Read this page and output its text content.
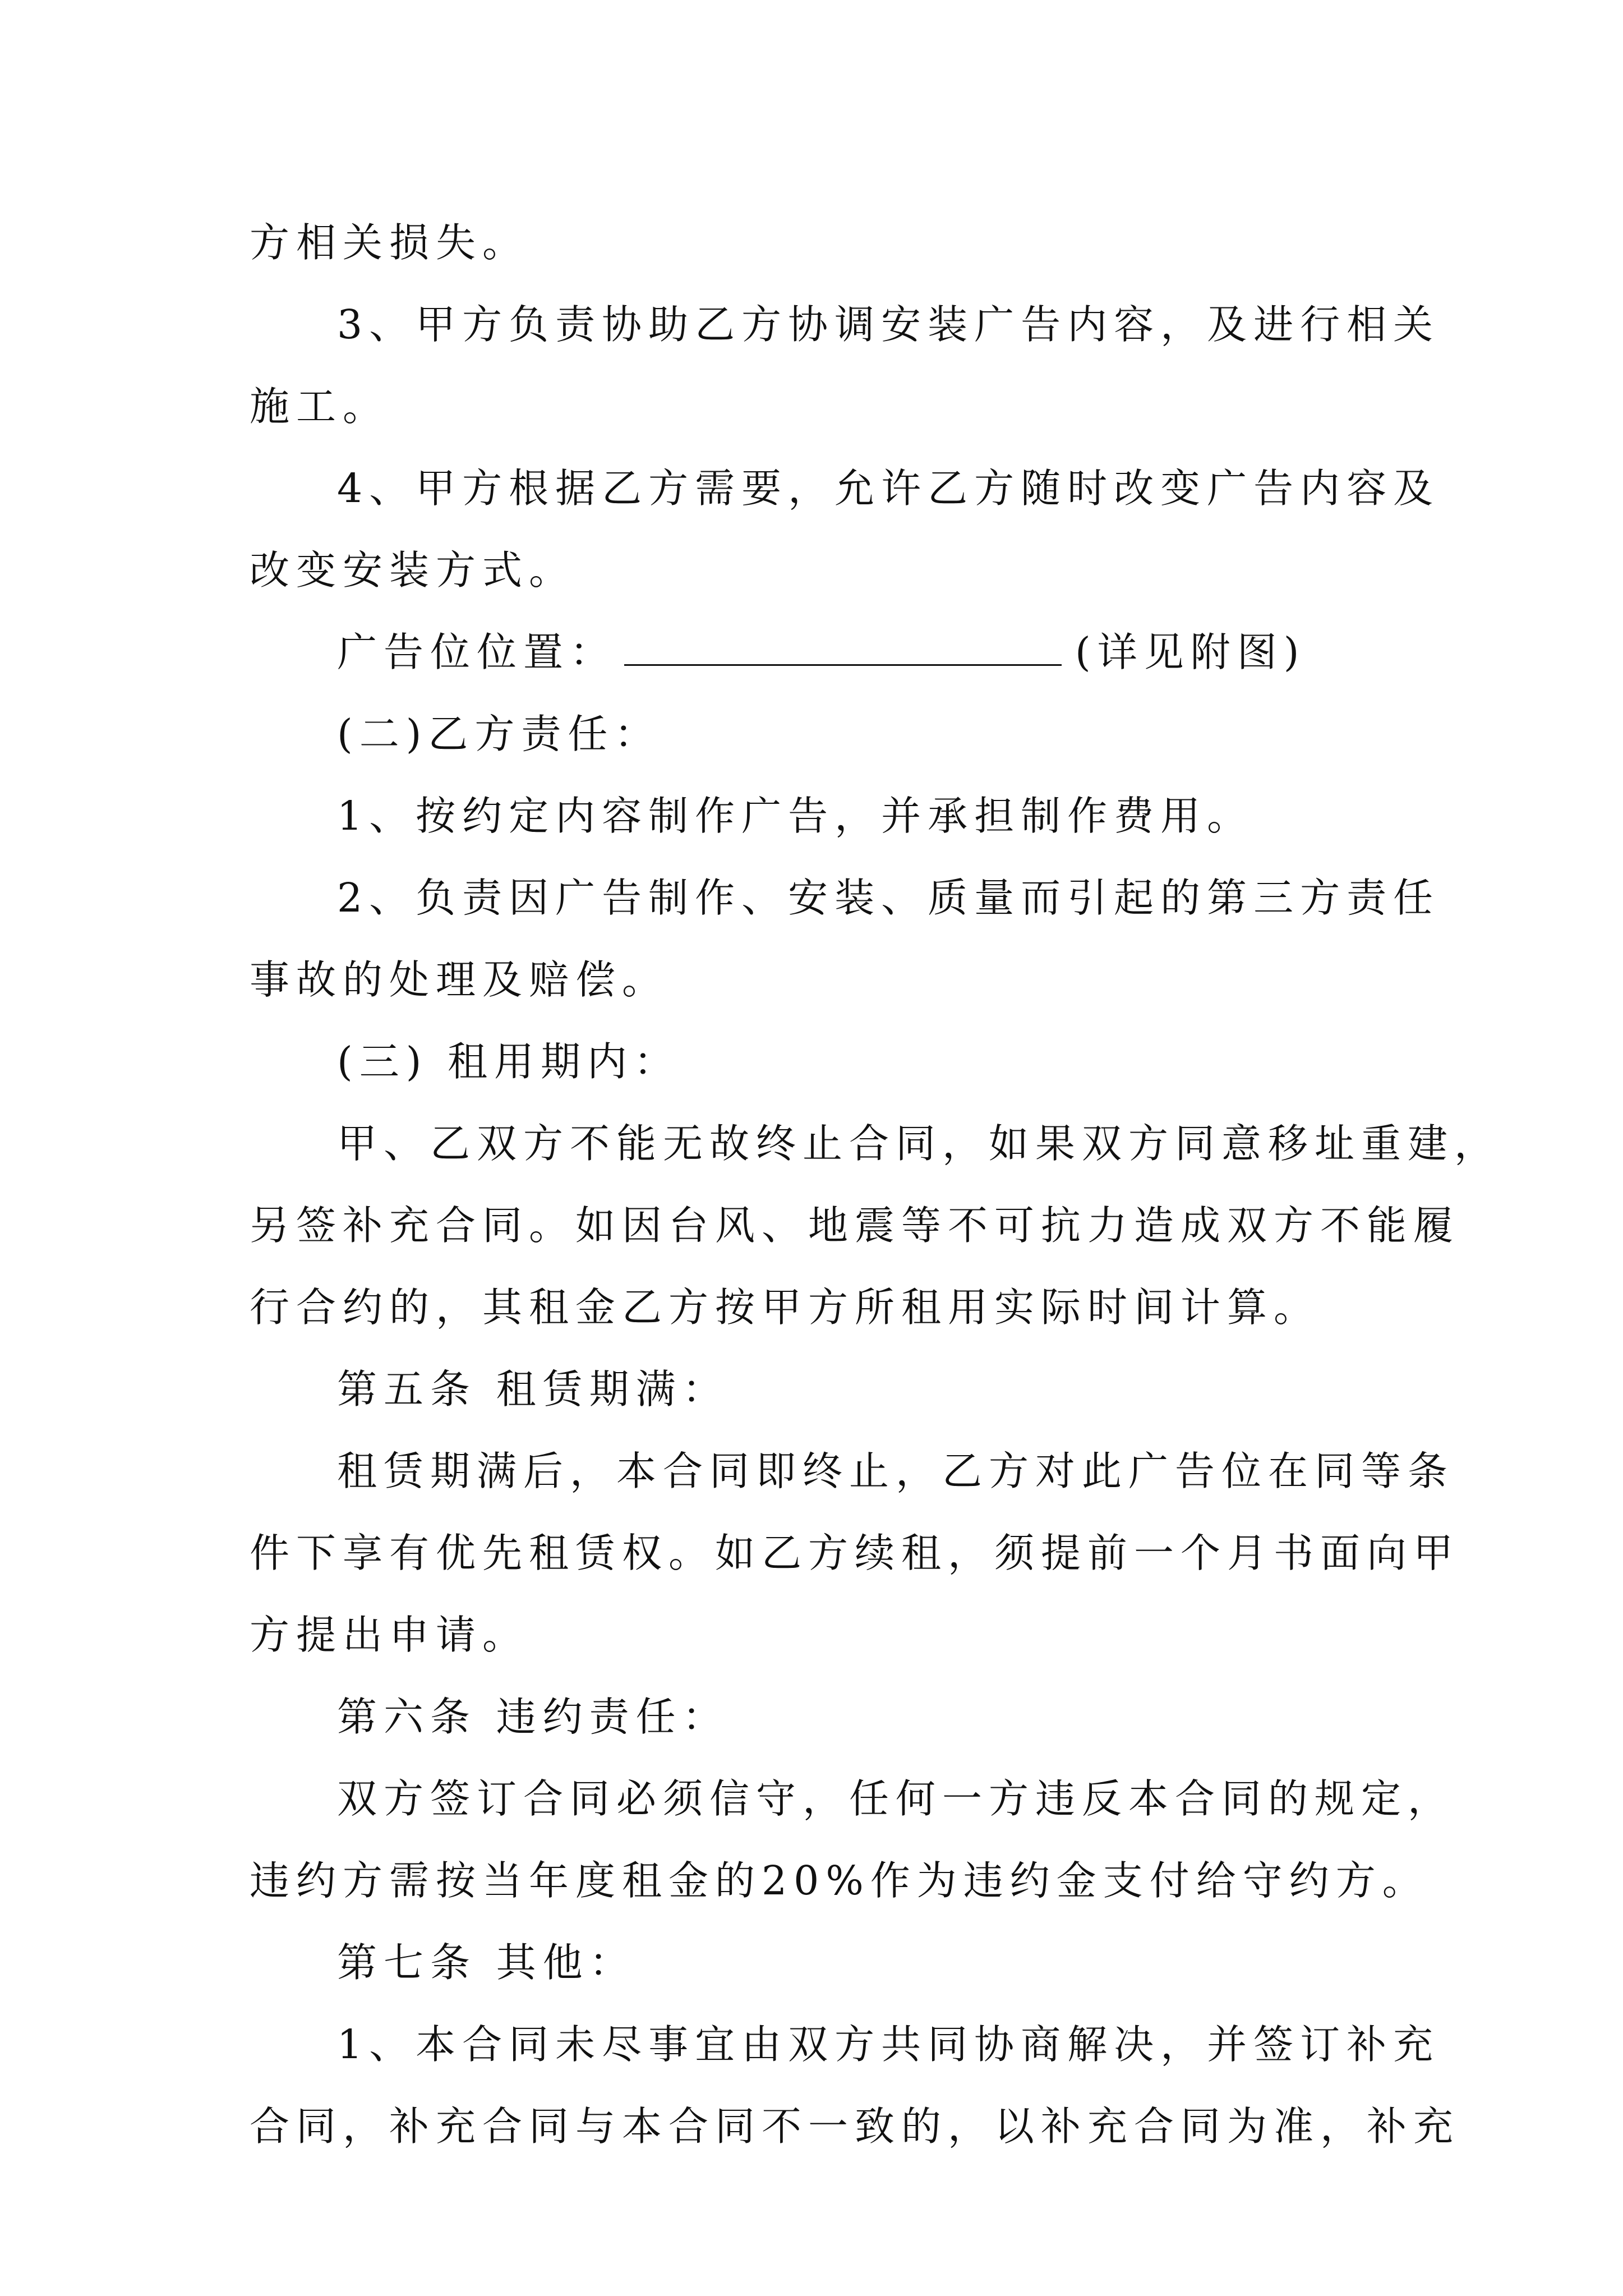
方相关损失。
3、甲方负责协助乙方协调安装广告内容，及进行相关
施工。
4、甲方根据乙方需要，允许乙方随时改变广告内容及
改变安装方式。
广告位位置：	(详见附图)
(二)乙方责任：
1、按约定内容制作广告，并承担制作费用。
2、负责因广告制作、安装、质量而引起的第三方责任
事故的处理及赔偿。
(三) 租用期内：
甲、乙双方不能无故终止合同，如果双方同意移址重建，
另签补充合同。如因台风、地震等不可抗力造成双方不能履
行合约的，其租金乙方按甲方所租用实际时间计算。
第五条 租赁期满：
租赁期满后，本合同即终止，乙方对此广告位在同等条
件下享有优先租赁权。如乙方续租，须提前一个月书面向甲
方提出申请。
第六条 违约责任：
双方签订合同必须信守，任何一方违反本合同的规定，
违约方需按当年度租金的20%作为违约金支付给守约方。
第七条 其他：
1、本合同未尽事宜由双方共同协商解决，并签订补充
合同，补充合同与本合同不一致的，以补充合同为准，补充
